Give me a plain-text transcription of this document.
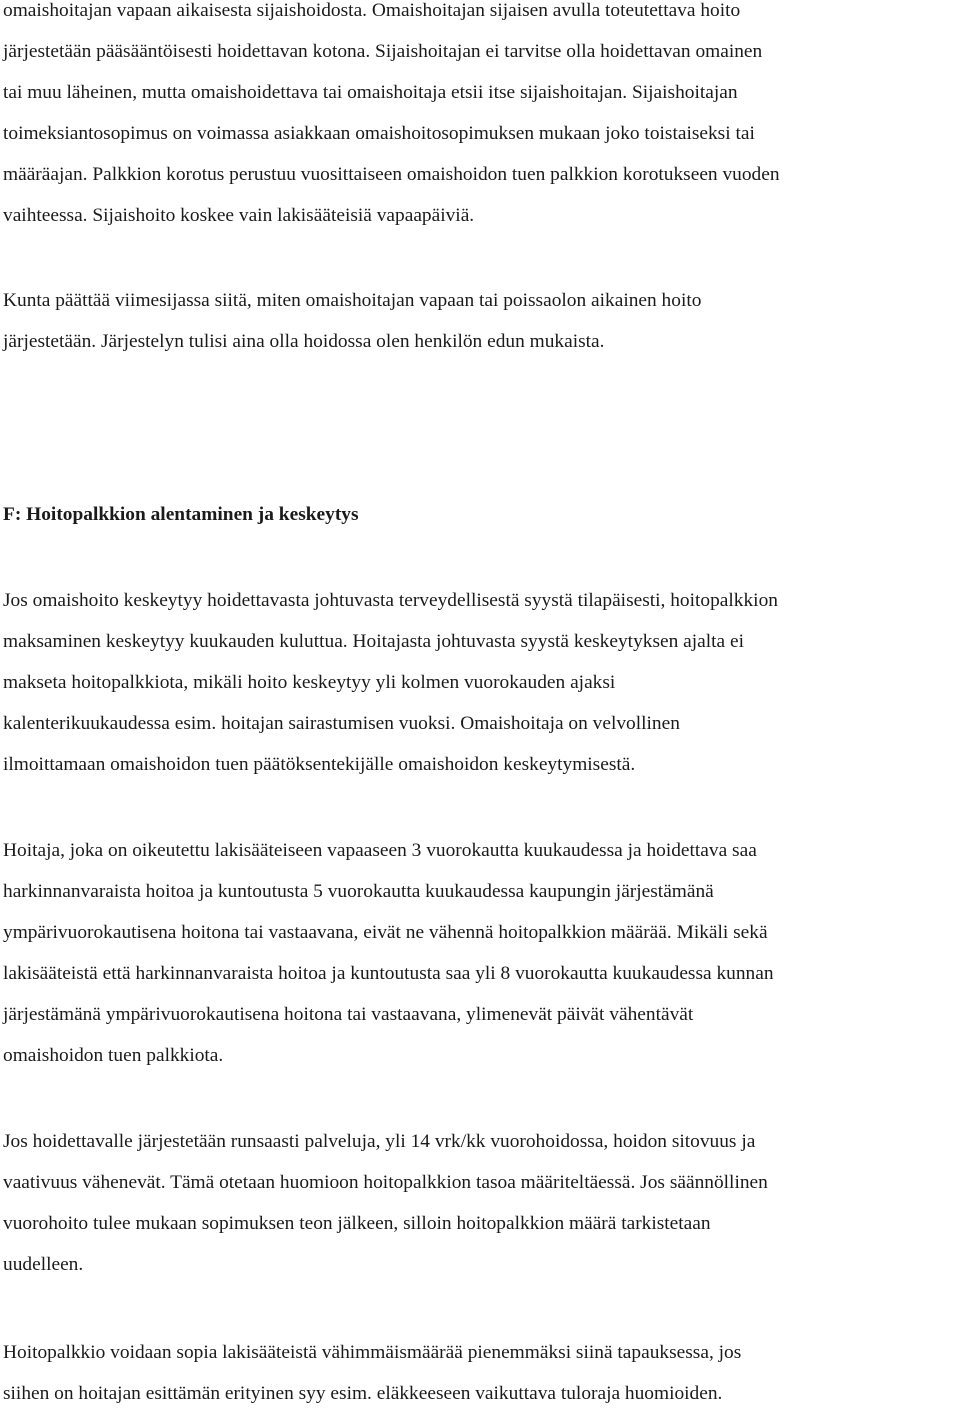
omaishoitajan vapaan aikaisesta sijaishoidosta. Omaishoitajan sijaisen avulla toteutettava hoito
järjestetään pääsääntöisesti hoidettavan kotona. Sijaishoitajan ei tarvitse olla hoidettavan omainen
tai muu läheinen, mutta omaishoidettava tai omaishoitaja etsii itse sijaishoitajan. Sijaishoitajan
toimeksiantosopimus on voimassa asiakkaan omaishoitosopimuksen mukaan joko toistaiseksi tai
määräajan. Palkkion korotus perustuu vuosittaiseen omaishoidon tuen palkkion korotukseen vuoden
vaihteessa. Sijaishoito koskee vain lakisääteisiä vapaapäiviä.
Kunta päättää viimesijassa siitä, miten omaishoitajan vapaan tai poissaolon aikainen hoito
järjestetään. Järjestelyn tulisi aina olla hoidossa olen henkilön edun mukaista.
F: Hoitopalkkion alentaminen ja keskeytys
Jos omaishoito keskeytyy hoidettavasta johtuvasta terveydellisestä syystä tilapäisesti, hoitopalkkion
maksaminen keskeytyy kuukauden kuluttua. Hoitajasta johtuvasta syystä keskeytyksen ajalta ei
makseta hoitopalkkiota, mikäli hoito keskeytyy yli kolmen vuorokauden ajaksi
kalenterikuukaudessa esim. hoitajan sairastumisen vuoksi. Omaishoitaja on velvollinen
ilmoittamaan omaishoidon tuen päätöksentekijälle omaishoidon keskeytymisestä.
Hoitaja, joka on oikeutettu lakisääteiseen vapaaseen 3 vuorokautta kuukaudessa ja hoidettava saa
harkinnanvaraista hoitoa ja kuntoutusta 5 vuorokautta kuukaudessa kaupungin järjestämänä
ympärivuorokautisena hoitona tai vastaavana, eivät ne vähennä hoitopalkkion määrää. Mikäli sekä
lakisääteistä että harkinnanvaraista hoitoa ja kuntoutusta saa yli 8 vuorokautta kuukaudessa kunnan
järjestämänä ympärivuorokautisena hoitona tai vastaavana, ylimenevät päivät vähentävät
omaishoidon tuen palkkiota.
Jos hoidettavalle järjestetään runsaasti palveluja, yli 14 vrk/kk vuorohoidossa, hoidon sitovuus ja
vaativuus vähenevät. Tämä otetaan huomioon hoitopalkkion tasoa määriteltäessä. Jos säännöllinen
vuorohoito tulee mukaan sopimuksen teon jälkeen, silloin hoitopalkkion määrä tarkistetaan
uudelleen.
Hoitopalkkio voidaan sopia lakisääteistä vähimmäismäärää pienemmäksi siinä tapauksessa, jos
siihen on hoitajan esittämän erityinen syy esim. eläkkeeseen vaikuttava tuloraja huomioiden.
